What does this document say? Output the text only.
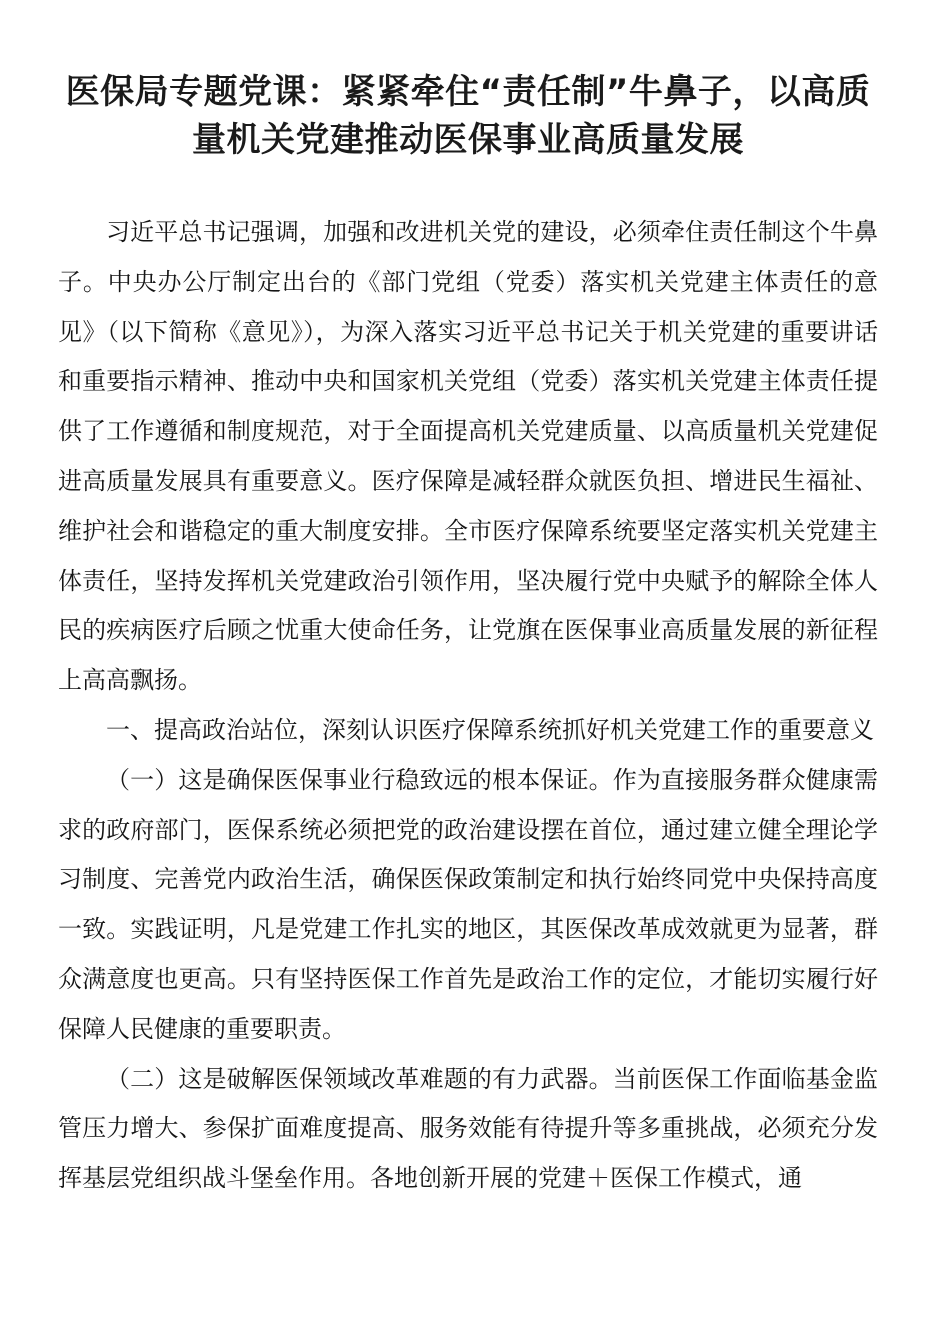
医保局专题党课：紧紧牵住“责任制”牛鼻子，以高质量机关党建推动医保事业高质量发展

习近平总书记强调，加强和改进机关党的建设，必须牵住责任制这个牛鼻子。中央办公厅制定出台的《部门党组（党委）落实机关党建主体责任的意见》（以下简称《意见》），为深入落实习近平总书记关于机关党建的重要讲话和重要指示精神、推动中央和国家机关党组（党委）落实机关党建主体责任提供了工作遵循和制度规范，对于全面提高机关党建质量、以高质量机关党建促进高质量发展具有重要意义。医疗保障是减轻群众就医负担、增进民生福祉、维护社会和谐稳定的重大制度安排。全市医疗保障系统要坚定落实机关党建主体责任，坚持发挥机关党建政治引领作用，坚决履行党中央赋予的解除全体人民的疾病医疗后顾之忧重大使命任务，让党旗在医保事业高质量发展的新征程上高高飘扬。

一、提高政治站位，深刻认识医疗保障系统抓好机关党建工作的重要意义

（一）这是确保医保事业行稳致远的根本保证。作为直接服务群众健康需求的政府部门，医保系统必须把党的政治建设摆在首位，通过建立健全理论学习制度、完善党内政治生活，确保医保政策制定和执行始终同党中央保持高度一致。实践证明，凡是党建工作扎实的地区，其医保改革成效就更为显著，群众满意度也更高。只有坚持医保工作首先是政治工作的定位，才能切实履行好保障人民健康的重要职责。

（二）这是破解医保领域改革难题的有力武器。当前医保工作面临基金监管压力增大、参保扩面难度提高、服务效能有待提升等多重挑战，必须充分发挥基层党组织战斗堡垒作用。各地创新开展的党建＋医保工作模式，通
